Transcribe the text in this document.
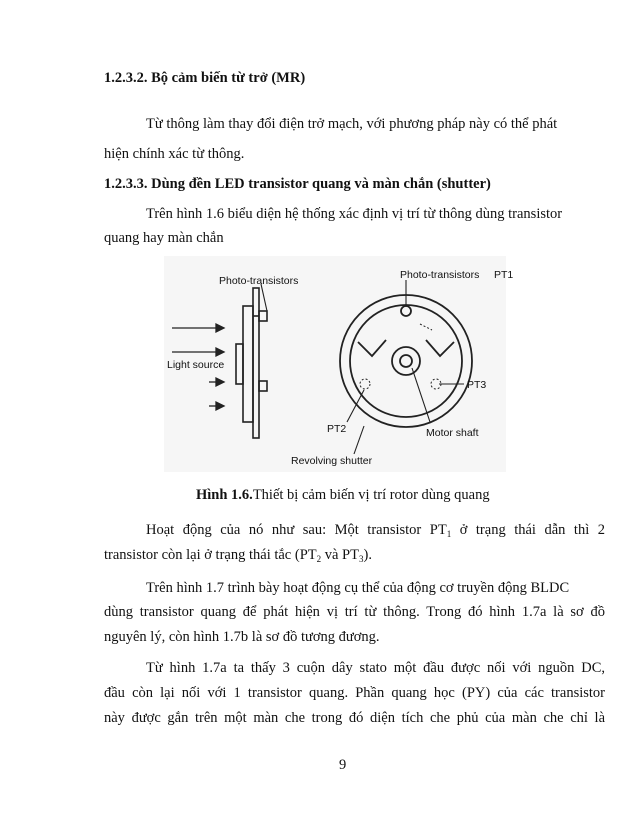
1.2.3.2. Bộ cảm biến từ trở (MR)
Từ thông làm thay đổi điện trở mạch, với phương pháp này có thể phát
hiện chính xác từ thông.
1.2.3.3. Dùng đền LED transistor quang và màn chắn (shutter)
Trên hình 1.6 biểu diện hệ thống xác định vị trí từ thông dùng transistor
quang hay màn chắn
Photo-transistors	Photo-transistors PT1
Light source
PT3
PT2	Motor shaft
Revolving shutter
Hình 1.6.Thiết bị cảm biến vị trí rotor dùng quang
Hoạt động của nó như sau: Một transistor $PT_1$ ở trạng thái dẫn thì 2
transistor còn lại ở trạng thái tắc ($PT_2$ và $PT_3$).
Trên hình 1.7 trình bày hoạt động cụ thể của động cơ truyền động BLDC
dùng transistor quang để phát hiện vị trí từ thông. Trong đó hình 1.7a là sơ đồ
nguyên lý, còn hình 1.7b là sơ đồ tương đương.
Từ hình 1.7a ta thấy 3 cuộn dây stato một đầu được nối với nguồn DC,
đầu còn lại nối với 1 transistor quang. Phần quang học (PY) của các transistor
này được gắn trên một màn che trong đó diện tích che phủ của màn che chỉ là
9
